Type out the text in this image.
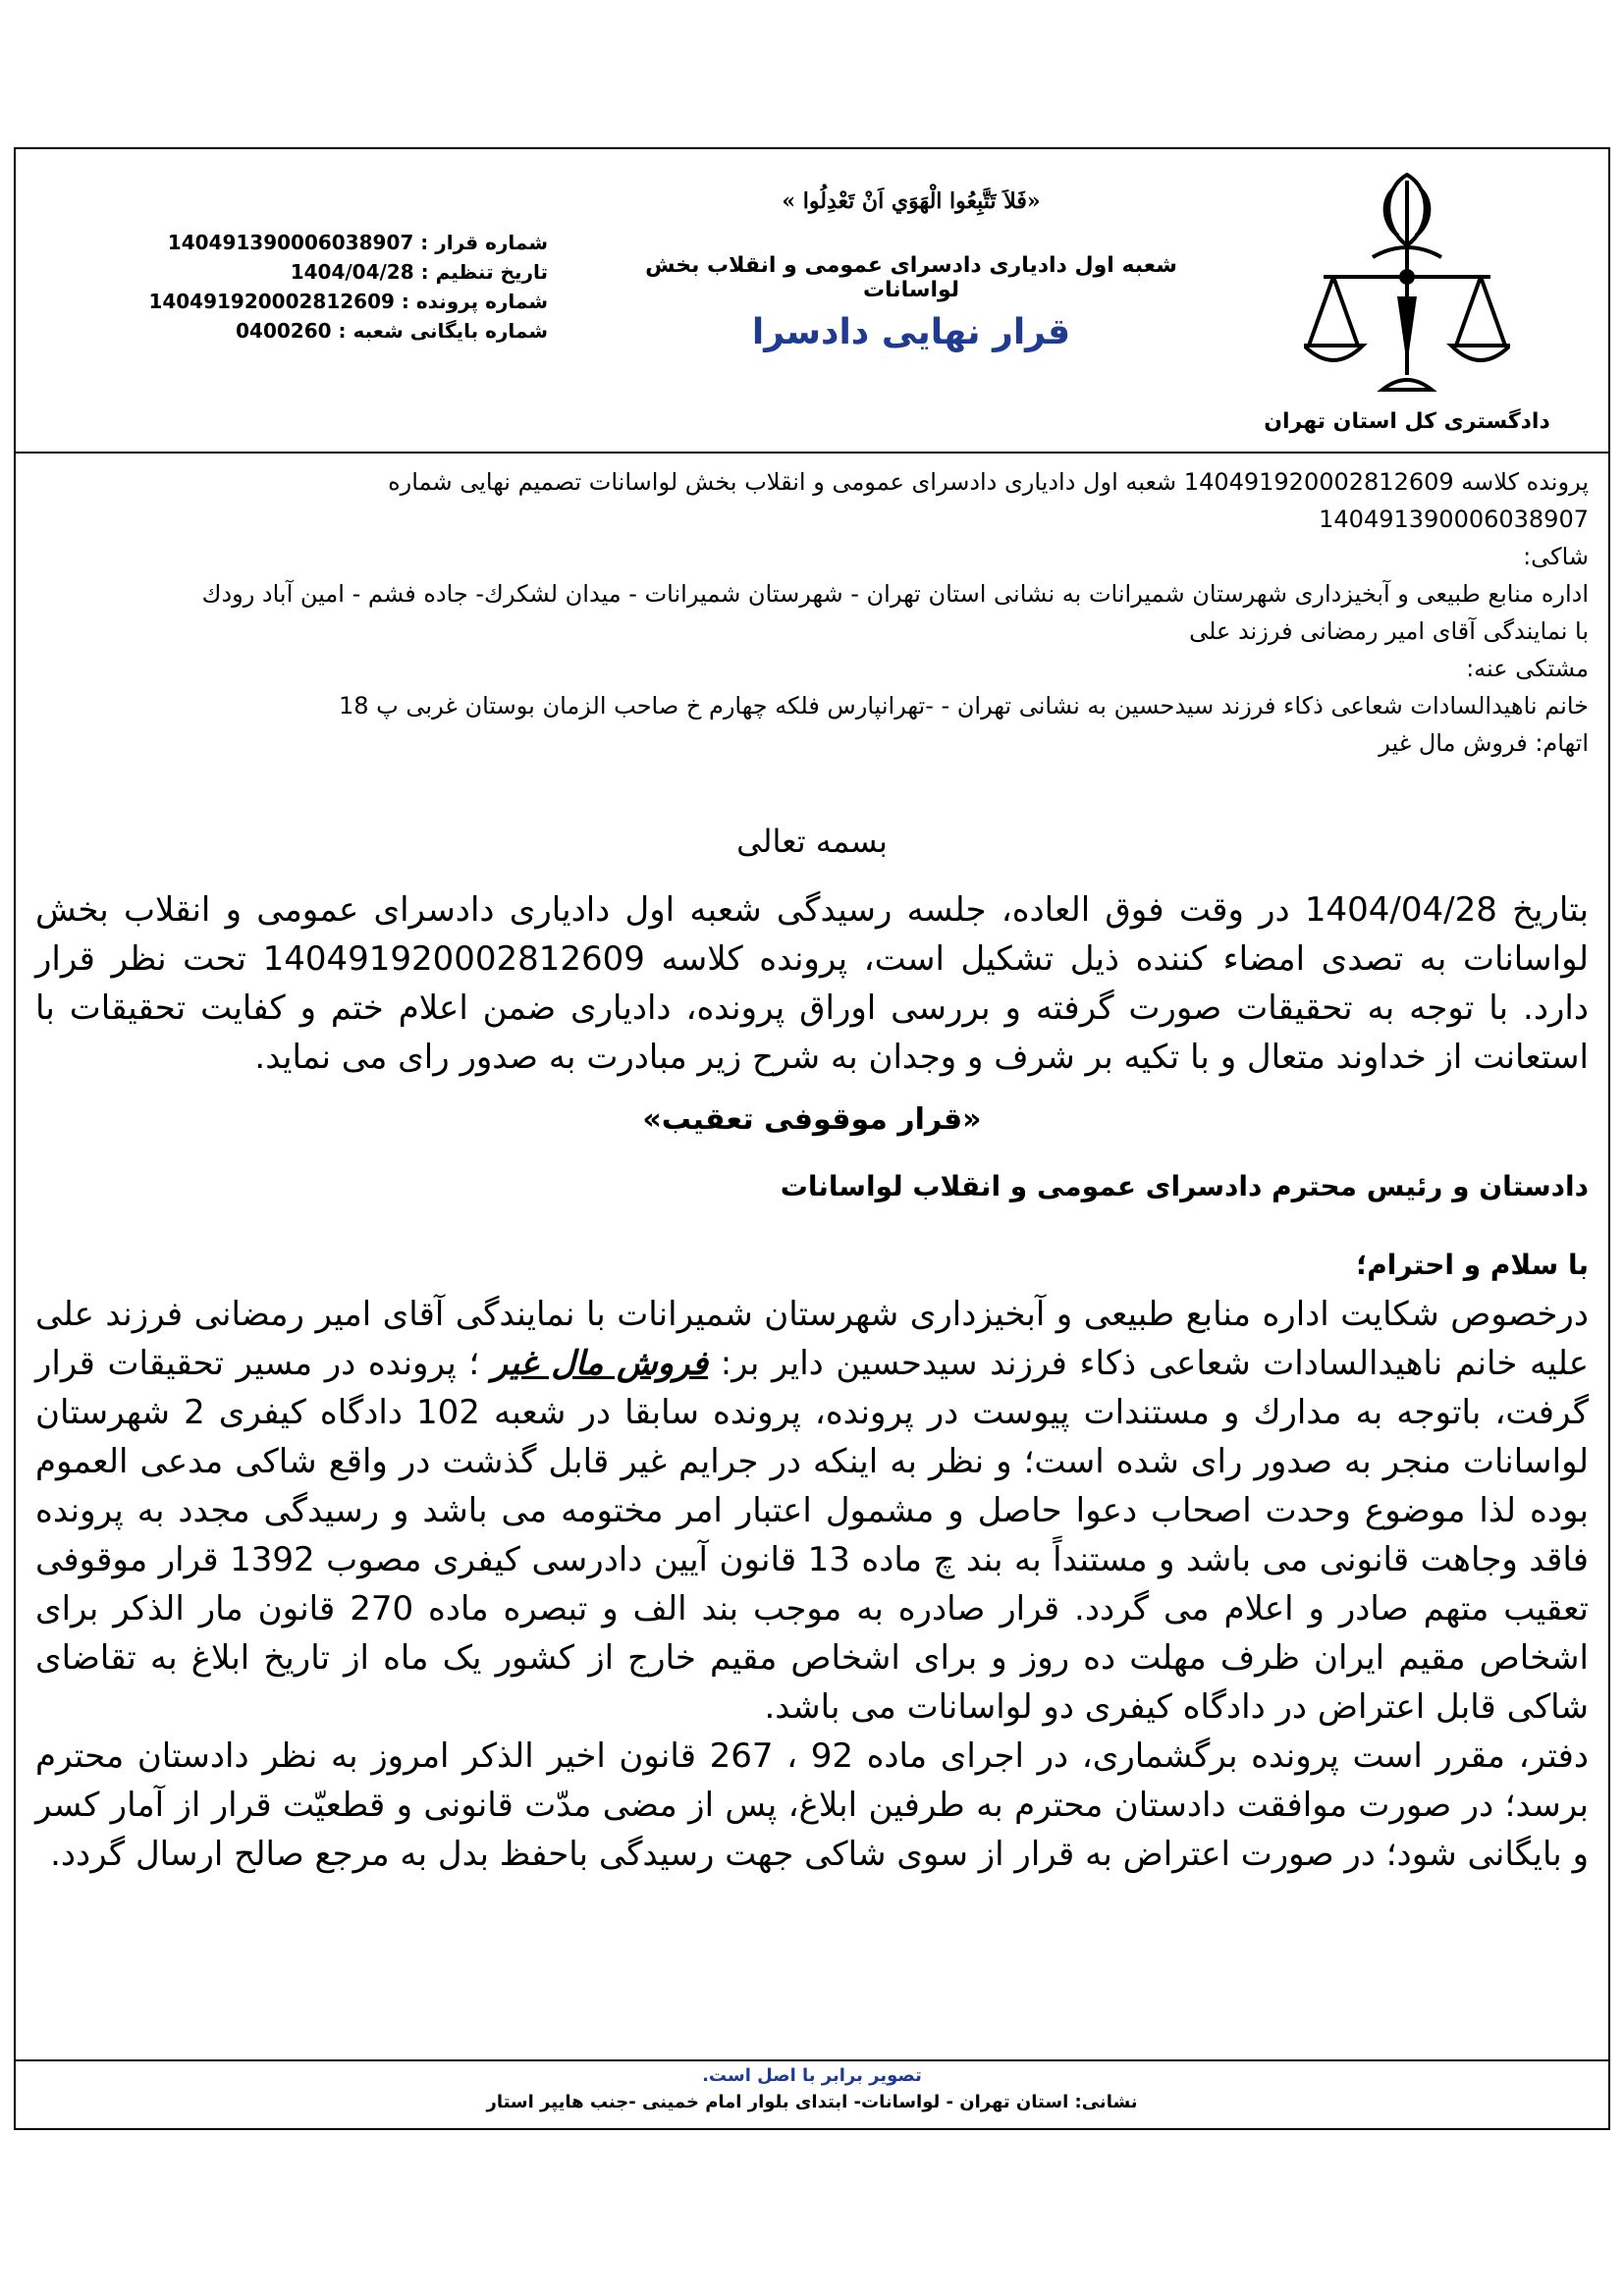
دادگسترى كل استان تهران
«فَلاَ تَتَّبِعُوا الْهَوَي اَنْ تَعْدِلُوا »
شعبه اول داديارى دادسراى عمومى و انقلاب بخش لواسانات
قرار نهايى دادسرا
شماره قرار : 140491390006038907
تاريخ تنظيم : 1404/04/28
شماره پرونده : 140491920002812609
شماره بايگانى شعبه : 0400260
پرونده كلاسه 140491920002812609 شعبه اول داديارى دادسراى عمومى و انقلاب بخش لواسانات تصميم نهايى شماره
140491390006038907
شاكى:
اداره منابع طبيعى و آبخيزدارى شهرستان شميرانات به نشانى استان تهران - شهرستان شميرانات - ميدان لشكرك- جاده فشم - امين آباد رودك
با نمايندگى آقاى امير رمضانى فرزند على
مشتكى عنه:
خانم ناهيدالسادات شعاعى ذكاء فرزند سيدحسين به نشانى تهران - -تهرانپارس فلكه چهارم خ صاحب الزمان بوستان غربى پ 18
اتهام: فروش مال غير

بسمه تعالى

بتاريخ 1404/04/28 در وقت فوق العاده، جلسه رسيدگى شعبه اول داديارى دادسراى عمومى و انقلاب بخش لواسانات به تصدى امضاء كننده ذيل تشكيل است، پرونده كلاسه 140491920002812609 تحت نظر قرار دارد. با توجه به تحقيقات صورت گرفته و بررسى اوراق پرونده، داديارى ضمن اعلام ختم و كفايت تحقيقات با استعانت از خداوند متعال و با تكيه بر شرف و وجدان به شرح زير مبادرت به صدور راى مى نمايد.

«قرار موقوفى تعقيب»

دادستان و رئيس محترم دادسراى عمومى و انقلاب لواسانات

با سلام و احترام؛

درخصوص شكايت اداره منابع طبيعى و آبخيزدارى شهرستان شميرانات با نمايندگى آقاى امير رمضانى فرزند على عليه خانم ناهيدالسادات شعاعى ذكاء فرزند سيدحسين داير بر: فروش مال غير ؛ پرونده در مسير تحقيقات قرار گرفت، باتوجه به مدارك و مستندات پيوست در پرونده، پرونده سابقا در شعبه 102 دادگاه كيفرى 2 شهرستان لواسانات منجر به صدور راى شده است؛ و نظر به اينكه در جرايم غير قابل گذشت در واقع شاكى مدعى العموم بوده لذا موضوع وحدت اصحاب دعوا حاصل و مشمول اعتبار امر مختومه مى باشد و رسيدگى مجدد به پرونده فاقد وجاهت قانونى مى باشد و مستنداً به بند چ ماده 13 قانون آيين دادرسى كيفرى مصوب 1392 قرار موقوفى تعقيب متهم صادر و اعلام مى گردد. قرار صادره به موجب بند الف و تبصره ماده 270 قانون مار الذكر براى اشخاص مقيم ايران ظرف مهلت ده روز و براى اشخاص مقيم خارج از كشور يک ماه از تاريخ ابلاغ به تقاضاى شاكى قابل اعتراض در دادگاه كيفرى دو لواسانات مى باشد.

دفتر، مقرر است پرونده برگشمارى، در اجراى ماده 92 ، 267 قانون اخير الذكر امروز به نظر دادستان محترم برسد؛ در صورت موافقت دادستان محترم به طرفين ابلاغ، پس از مضى مدّت قانونى و قطعيّت قرار از آمار كسر و بايگانى شود؛ در صورت اعتراض به قرار از سوى شاكى جهت رسيدگى باحفظ بدل به مرجع صالح ارسال گردد.

تصوير برابر با اصل است.
نشانى: استان تهران - لواسانات- ابتداى بلوار امام خمينى -جنب هايپر استار
